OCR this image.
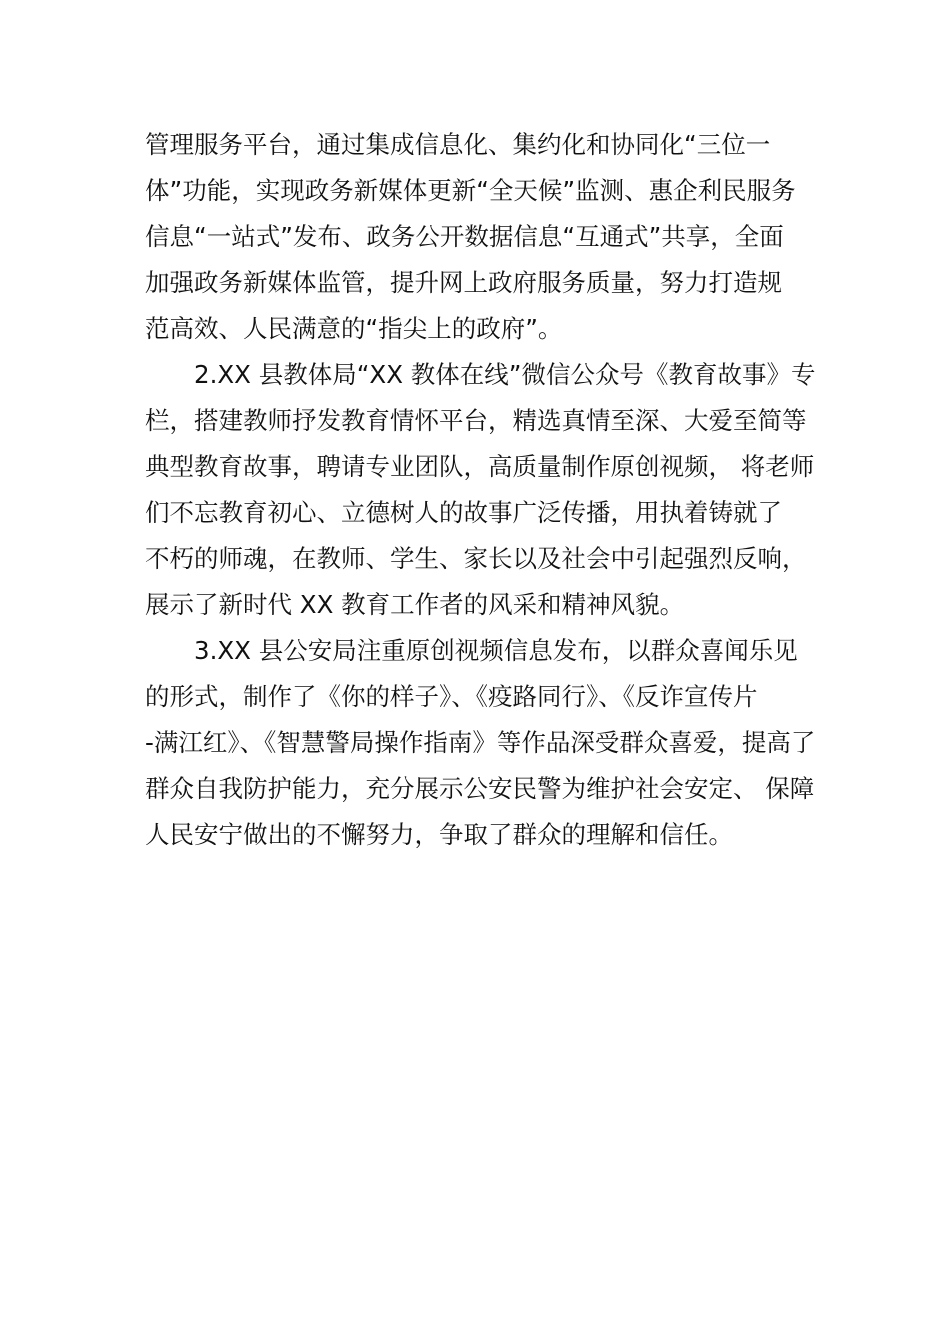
管理服务平台，通过集成信息化、集约化和协同化“三位一
体”功能，实现政务新媒体更新“全天候”监测、惠企利民服务
信息“一站式”发布、政务公开数据信息“互通式”共享，全面
加强政务新媒体监管，提升网上政府服务质量，努力打造规
范高效、人民满意的“指尖上的政府”。
2.XX 县教体局“XX 教体在线”微信公众号《教育故事》专
栏，搭建教师抒发教育情怀平台，精选真情至深、大爱至简等
典型教育故事，聘请专业团队，高质量制作原创视频， 将老师
们不忘教育初心、立德树人的故事广泛传播，用执着铸就了
不朽的师魂，在教师、学生、家长以及社会中引起强烈反响，
展示了新时代 XX 教育工作者的风采和精神风貌。
3.XX 县公安局注重原创视频信息发布，以群众喜闻乐见
的形式，制作了《你的样子》、《疫路同行》、《反诈宣传片
-满江红》、《智慧警局操作指南》等作品深受群众喜爱，提高了
群众自我防护能力，充分展示公安民警为维护社会安定、 保障
人民安宁做出的不懈努力，争取了群众的理解和信任。
